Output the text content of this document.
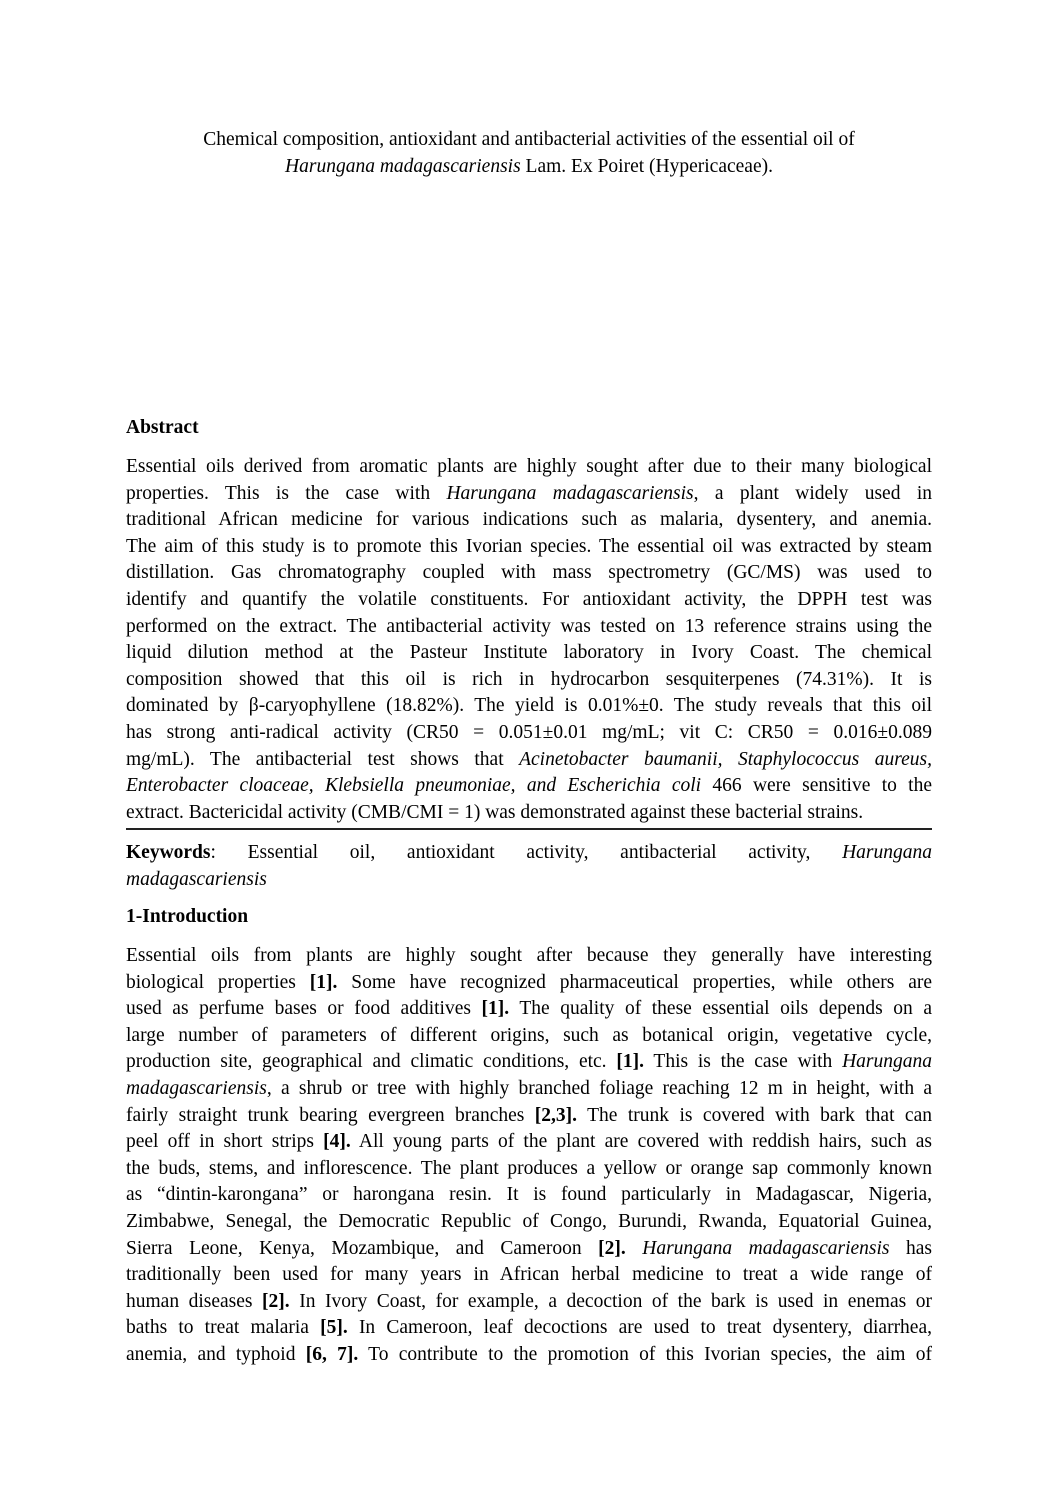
Chemical composition, antioxidant and antibacterial activities of the essential oil of
Harungana madagascariensis Lam. Ex Poiret (Hypericaceae).
Abstract
Essential oils derived from aromatic plants are highly sought after due to their many biological
properties. This is the case with Harungana madagascariensis, a plant widely used in
traditional African medicine for various indications such as malaria, dysentery, and anemia.
The aim of this study is to promote this Ivorian species. The essential oil was extracted by steam
distillation. Gas chromatography coupled with mass spectrometry (GC/MS) was used to
identify and quantify the volatile constituents. For antioxidant activity, the DPPH test was
performed on the extract. The antibacterial activity was tested on 13 reference strains using the
liquid dilution method at the Pasteur Institute laboratory in Ivory Coast. The chemical
composition showed that this oil is rich in hydrocarbon sesquiterpenes (74.31%). It is
dominated by β-caryophyllene (18.82%). The yield is 0.01%±0. The study reveals that this oil
has strong anti-radical activity (CR50 = 0.051±0.01 mg/mL; vit C: CR50 = 0.016±0.089
mg/mL). The antibacterial test shows that Acinetobacter baumanii, Staphylococcus aureus,
Enterobacter cloaceae, Klebsiella pneumoniae, and Escherichia coli 466 were sensitive to the
extract. Bactericidal activity (CMB/CMI = 1) was demonstrated against these bacterial strains.
Keywords: Essential oil, antioxidant activity, antibacterial activity, Harungana
madagascariensis
1-Introduction
Essential oils from plants are highly sought after because they generally have interesting
biological properties [1]. Some have recognized pharmaceutical properties, while others are
used as perfume bases or food additives [1]. The quality of these essential oils depends on a
large number of parameters of different origins, such as botanical origin, vegetative cycle,
production site, geographical and climatic conditions, etc. [1]. This is the case with Harungana
madagascariensis, a shrub or tree with highly branched foliage reaching 12 m in height, with a
fairly straight trunk bearing evergreen branches [2,3]. The trunk is covered with bark that can
peel off in short strips [4]. All young parts of the plant are covered with reddish hairs, such as
the buds, stems, and inflorescence. The plant produces a yellow or orange sap commonly known
as “dintin-karongana” or harongana resin. It is found particularly in Madagascar, Nigeria,
Zimbabwe, Senegal, the Democratic Republic of Congo, Burundi, Rwanda, Equatorial Guinea,
Sierra Leone, Kenya, Mozambique, and Cameroon [2]. Harungana madagascariensis has
traditionally been used for many years in African herbal medicine to treat a wide range of
human diseases [2]. In Ivory Coast, for example, a decoction of the bark is used in enemas or
baths to treat malaria [5]. In Cameroon, leaf decoctions are used to treat dysentery, diarrhea,
anemia, and typhoid [6, 7]. To contribute to the promotion of this Ivorian species, the aim of
